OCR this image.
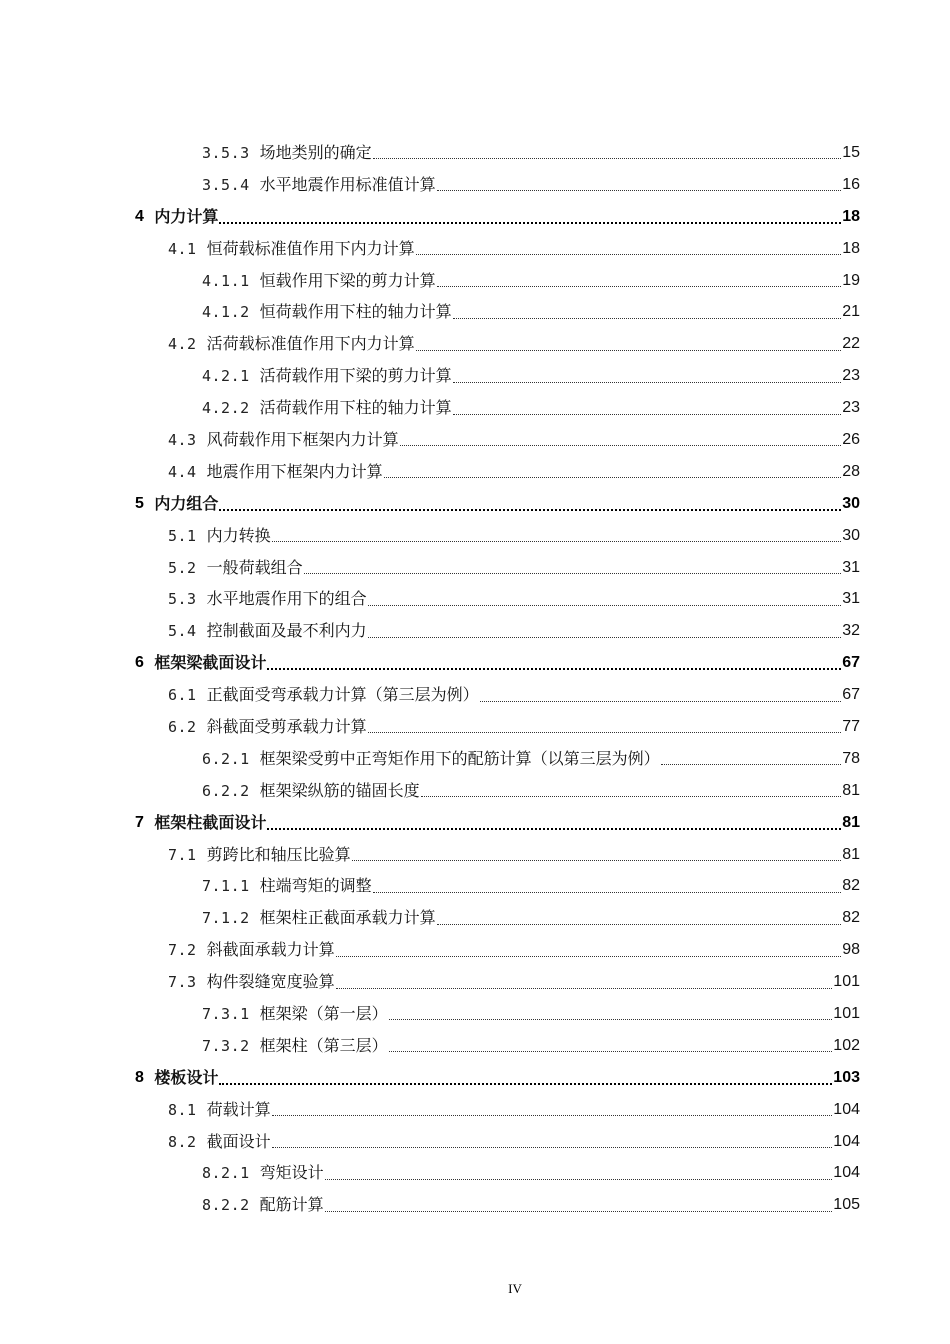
3.5.3 场地类别的确定	15
3.5.4 水平地震作用标准值计算	16
4 内力计算	18
4.1 恒荷载标准值作用下内力计算	18
4.1.1 恒载作用下梁的剪力计算	19
4.1.2 恒荷载作用下柱的轴力计算	21
4.2 活荷载标准值作用下内力计算	22
4.2.1 活荷载作用下梁的剪力计算	23
4.2.2 活荷载作用下柱的轴力计算	23
4.3 风荷载作用下框架内力计算	26
4.4 地震作用下框架内力计算	28
5 内力组合	30
5.1 内力转换	30
5.2 一般荷载组合	31
5.3 水平地震作用下的组合	31
5.4 控制截面及最不利内力	32
6 框架梁截面设计	67
6.1 正截面受弯承载力计算（第三层为例）	67
6.2 斜截面受剪承载力计算	77
6.2.1 框架梁受剪中正弯矩作用下的配筋计算（以第三层为例）	78
6.2.2 框架梁纵筋的锚固长度	81
7 框架柱截面设计	81
7.1 剪跨比和轴压比验算	81
7.1.1 柱端弯矩的调整	82
7.1.2 框架柱正截面承载力计算	82
7.2 斜截面承载力计算	98
7.3 构件裂缝宽度验算	101
7.3.1 框架梁（第一层）	101
7.3.2 框架柱（第三层）	102
8 楼板设计	103
8.1 荷载计算	104
8.2 截面设计	104
8.2.1 弯矩设计	104
8.2.2 配筋计算	105
IV
